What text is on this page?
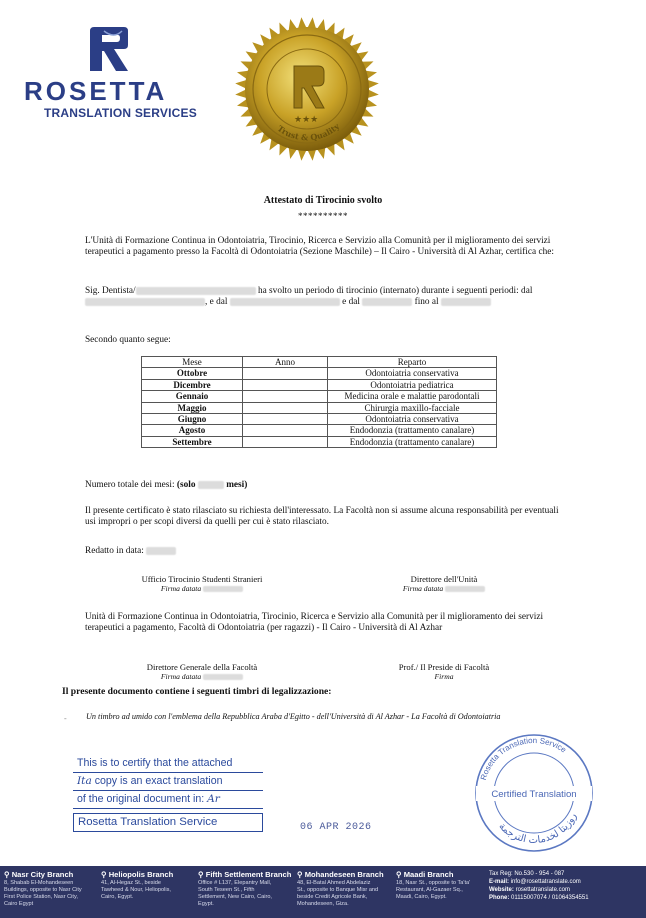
ROSETTA
TRANSLATION SERVICES	★★★
Trust & Quality
Attestato di Tirocinio svolto
**********
L'Unità di Formazione Continua in Odontoiatria, Tirocinio, Ricerca e Servizio alla Comunità per il miglioramento dei servizi terapeutici a pagamento presso la Facoltà di Odontoiatria (Sezione Maschile) – Il Cairo - Università di Al Azhar, certifica che:
Sig. Dentista/	ha svolto un periodo di tirocinio (internato) durante i seguenti periodi: dal , e dal	e dal	fino al
Secondo quanto segue:
Mese	Anno	Reparto
Ottobre		Odontoiatria conservativa
Dicembre		Odontoiatria pediatrica
Gennaio		Medicina orale e malattie parodontali
Maggio		Chirurgia maxillo-facciale
Giugno		Odontoiatria conservativa
Agosto		Endodonzia (trattamento canalare)
Settembre		Endodonzia (trattamento canalare)
Numero totale dei mesi: (solo	mesi)
Il presente certificato è stato rilasciato su richiesta dell'interessato. La Facoltà non si assume alcuna responsabilità per eventuali usi impropri o per scopi diversi da quelli per cui è stato rilasciato.
Redatto in data:
Ufficio Tirocinio Studenti Stranieri
Firma datata
Direttore dell'Unità
Firma datata
Unità di Formazione Continua in Odontoiatria, Tirocinio, Ricerca e Servizio alla Comunità per il miglioramento dei servizi terapeutici a pagamento, Facoltà di Odontoiatria (per ragazzi) - Il Cairo - Università di Al Azhar
Direttore Generale della Facoltà
Firma datata
Prof./ Il Preside di Facoltà
Firma
Il presente documento contiene i seguenti timbri di legalizzazione:
- Un timbro ad umido con l'emblema della Repubblica Araba d'Egitto - dell'Università di Al Azhar - La Facoltà di Odontoiatria
This is to certify that the attached
Ita copy is an exact translation
of the original document in: Ar
Rosetta Translation Service	06 APR 2026
Rosetta Translation Service
Certified Translation
روزيتا لخدمات الترجمة
⚲ Nasr City Branch
8, Shabab El-Mohandeseen Buildings, opposite to Nasr City First Police Station, Nasr City, Cairo Egypt
⚲ Heliopolis Branch
41, Al-Hegaz St., beside Tawheed & Nour, Heliopolis, Cairo, Egypt.
⚲ Fifth Settlement Branch
Office # L137, Elepantry Mall, South Teseen St., Fifth Settlement, New Cairo, Cairo, Egypt.
⚲ Mohandeseen Branch
48, El-Batal Ahmed Abdelaziz St., opposite to Banque Misr and beside Credit Agricole Bank, Mohandeseen, Giza.
⚲ Maadi Branch
18, Nasr St., opposite to Ta'ta' Restaurant, Al-Gazaer Sq., Maadi, Cairo, Egypt.
Tax Reg: No.530 - 954 - 087
E-mail: info@rosettatranslate.com
Website: rosettatranslate.com
Phone: 01115007074 / 01064354551
